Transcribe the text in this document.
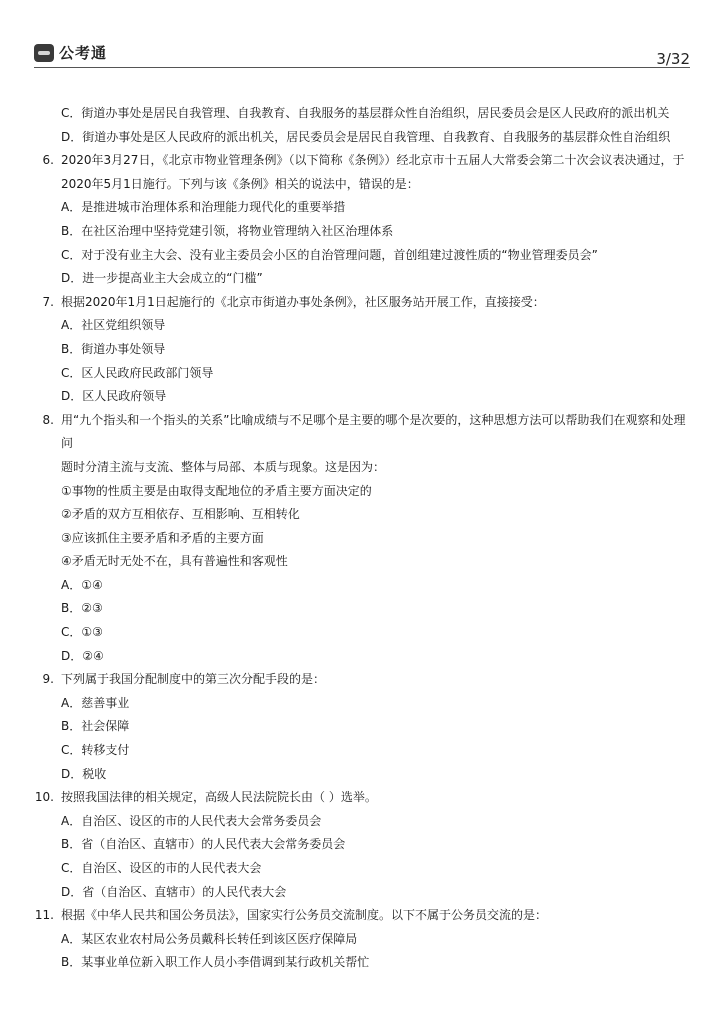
公考通	3/32
C．街道办事处是居民自我管理、自我教育、自我服务的基层群众性自治组织，居民委员会是区人民政府的派出机关
D．街道办事处是区人民政府的派出机关，居民委员会是居民自我管理、自我教育、自我服务的基层群众性自治组织
6. 2020年3月27日，《北京市物业管理条例》（以下简称《条例》）经北京市十五届人大常委会第二十次会议表决通过，于
2020年5月1日施行。下列与该《条例》相关的说法中，错误的是：
A．是推进城市治理体系和治理能力现代化的重要举措
B．在社区治理中坚持党建引领，将物业管理纳入社区治理体系
C．对于没有业主大会、没有业主委员会小区的自治管理问题，首创组建过渡性质的“物业管理委员会”
D．进一步提高业主大会成立的“门槛”
7. 根据2020年1月1日起施行的《北京市街道办事处条例》，社区服务站开展工作，直接接受：
A．社区党组织领导
B．街道办事处领导
C．区人民政府民政部门领导
D．区人民政府领导
8. 用“九个指头和一个指头的关系”比喻成绩与不足哪个是主要的哪个是次要的，这种思想方法可以帮助我们在观察和处理问
题时分清主流与支流、整体与局部、本质与现象。这是因为：
①事物的性质主要是由取得支配地位的矛盾主要方面决定的
②矛盾的双方互相依存、互相影响、互相转化
③应该抓住主要矛盾和矛盾的主要方面
④矛盾无时无处不在，具有普遍性和客观性
A．①④
B．②③
C．①③
D．②④
9. 下列属于我国分配制度中的第三次分配手段的是：
A．慈善事业
B．社会保障
C．转移支付
D．税收
10. 按照我国法律的相关规定，高级人民法院院长由（ ）选举。
A．自治区、设区的市的人民代表大会常务委员会
B．省（自治区、直辖市）的人民代表大会常务委员会
C．自治区、设区的市的人民代表大会
D．省（自治区、直辖市）的人民代表大会
11. 根据《中华人民共和国公务员法》，国家实行公务员交流制度。以下不属于公务员交流的是：
A．某区农业农村局公务员戴科长转任到该区医疗保障局
B．某事业单位新入职工作人员小李借调到某行政机关帮忙
